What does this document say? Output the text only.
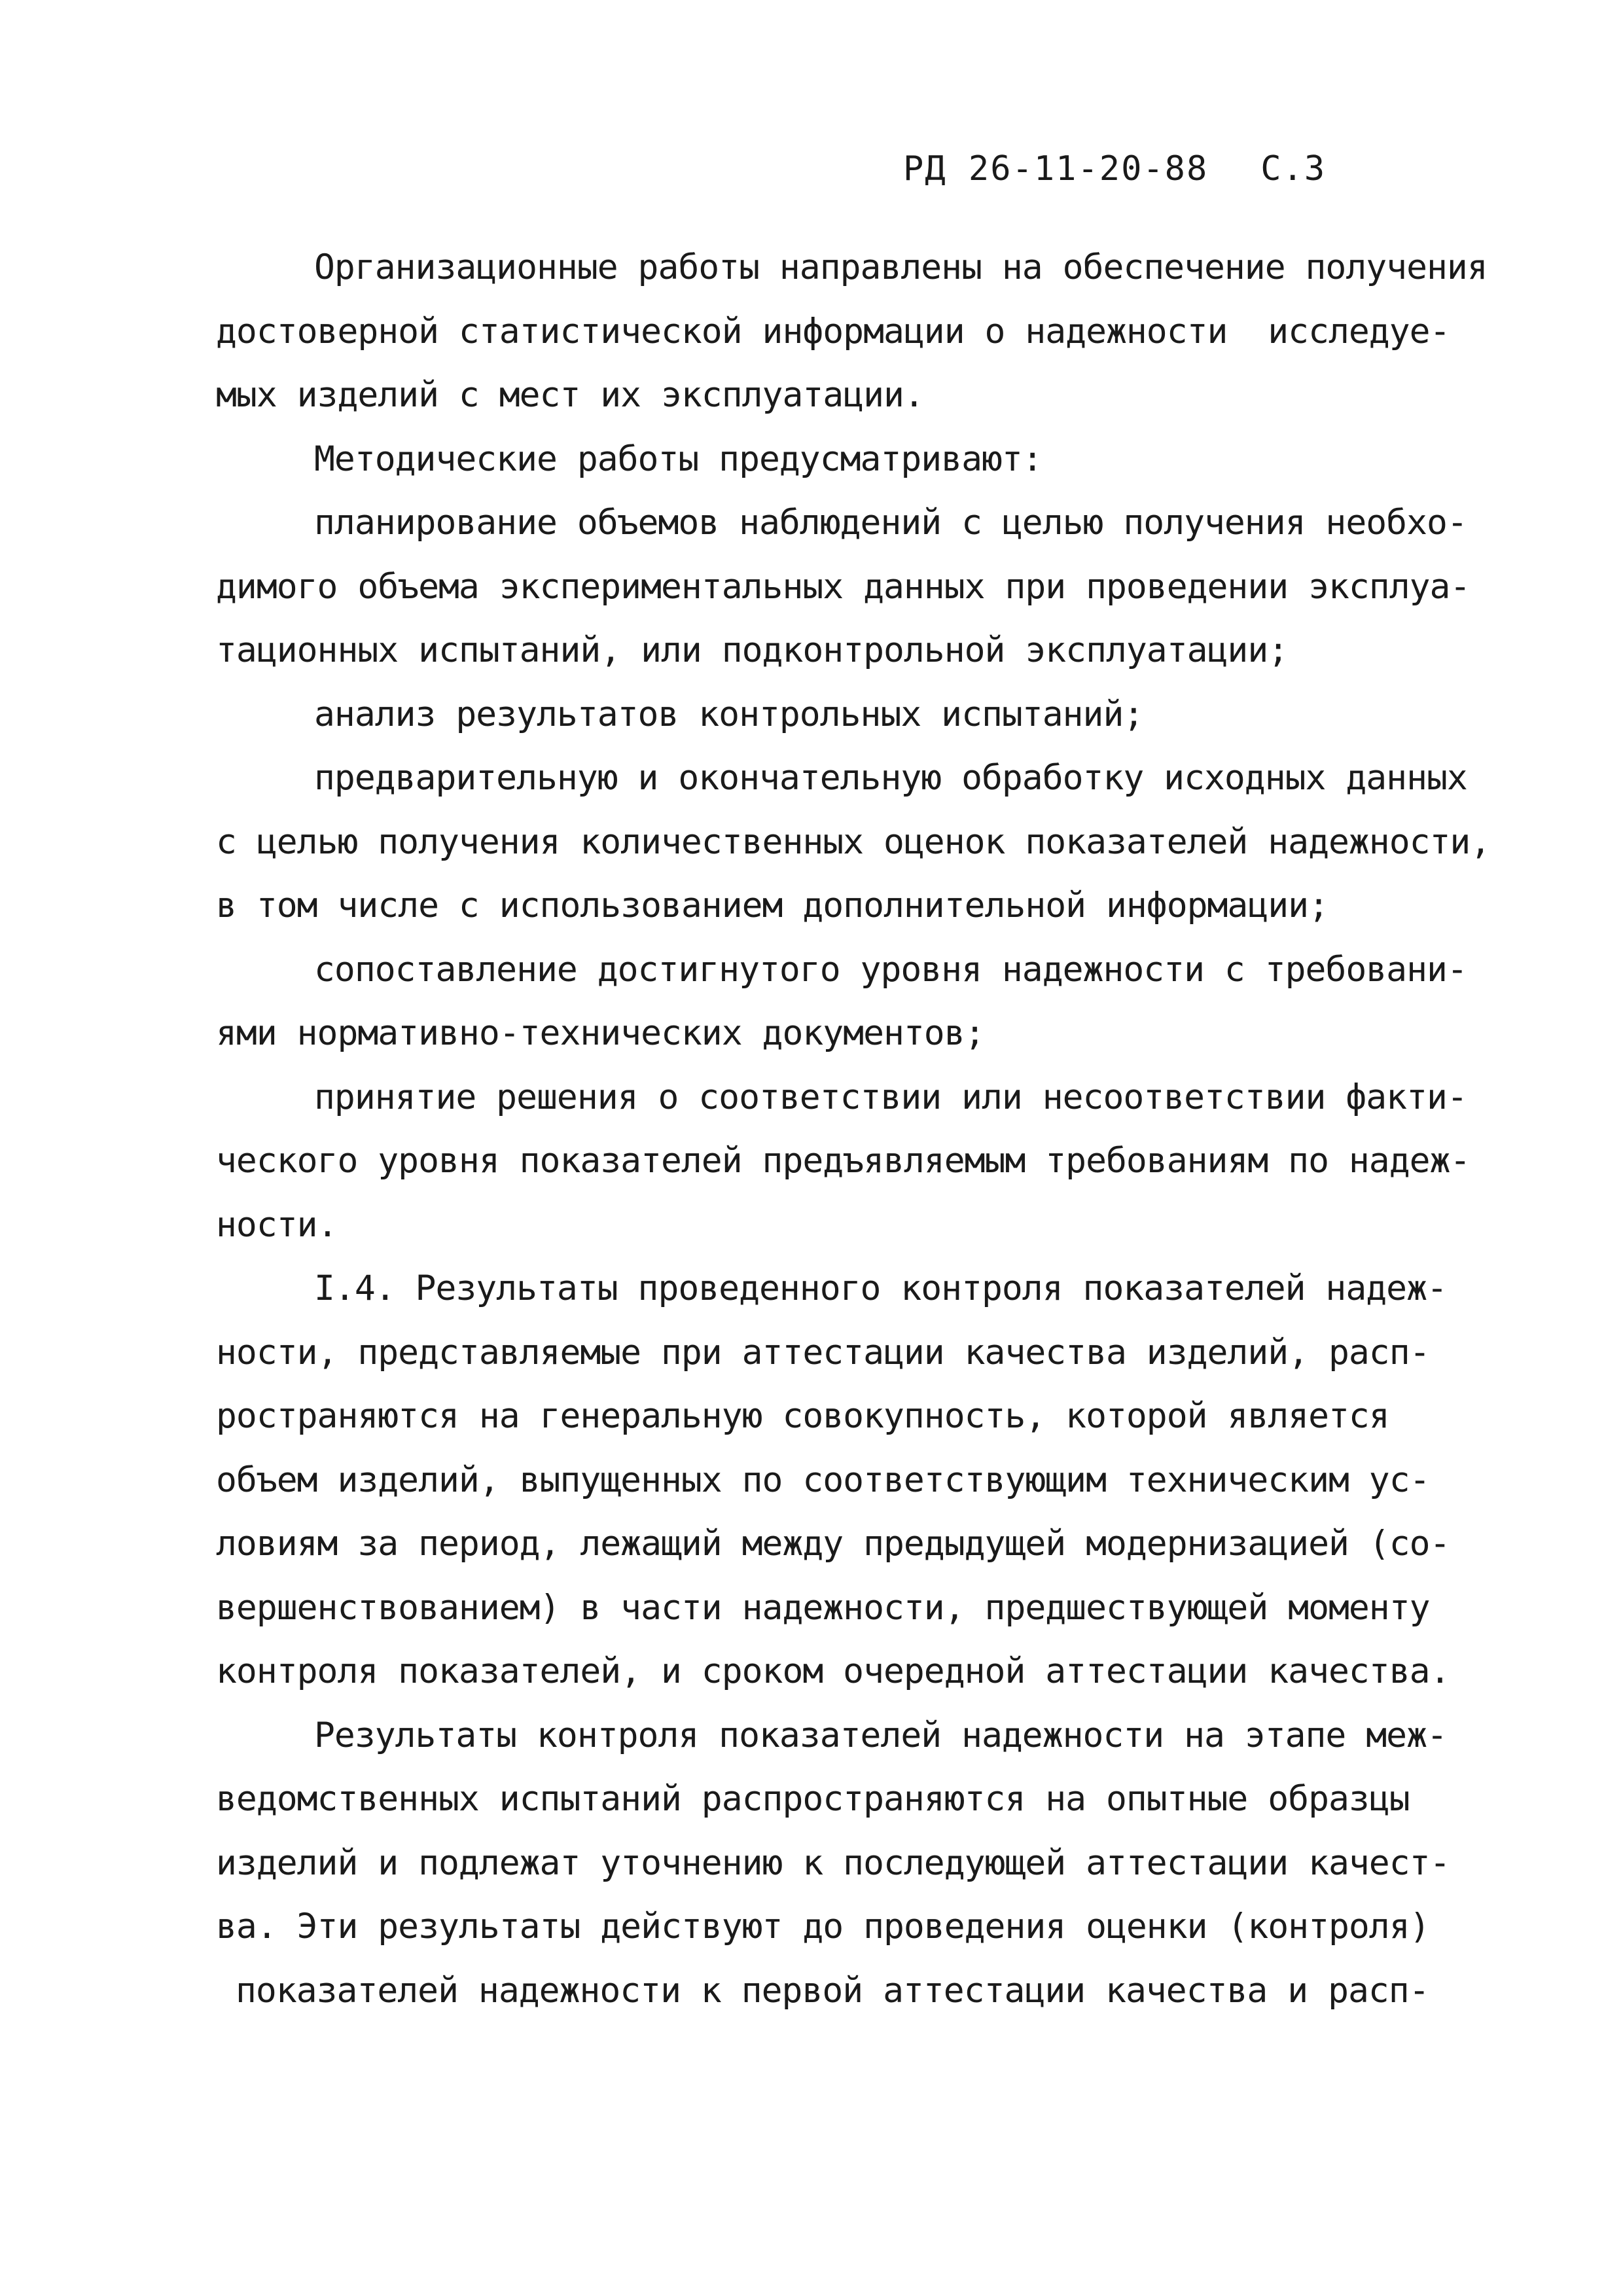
РД 26-11-20-88 С.3
Организационные работы направлены на обеспечение получения
достоверной статистической информации о надежности  исследуе-
мых изделий с мест их эксплуатации.
Методические работы предусматривают:
планирование объемов наблюдений с целью получения необхо-
димого объема экспериментальных данных при проведении эксплуа-
тационных испытаний, или подконтрольной эксплуатации;
анализ результатов контрольных испытаний;
предварительную и окончательную обработку исходных данных
с целью получения количественных оценок показателей надежности,
в том числе с использованием дополнительной информации;
сопоставление достигнутого уровня надежности с требовани-
ями нормативно-технических документов;
принятие решения о соответствии или несоответствии факти-
ческого уровня показателей предъявляемым требованиям по надеж-
ности.
I.4. Результаты проведенного контроля показателей надеж-
ности, представляемые при аттестации качества изделий, расп-
ространяются на генеральную совокупность, которой является
объем изделий, выпущенных по соответствующим техническим ус-
ловиям за период, лежащий между предыдущей модернизацией (со-
вершенствованием) в части надежности, предшествующей моменту
контроля показателей, и сроком очередной аттестации качества.
Результаты контроля показателей надежности на этапе меж-
ведомственных испытаний распространяются на опытные образцы
изделий и подлежат уточнению к последующей аттестации качест-
ва. Эти результаты действуют до проведения оценки (контроля)
показателей надежности к первой аттестации качества и расп-
